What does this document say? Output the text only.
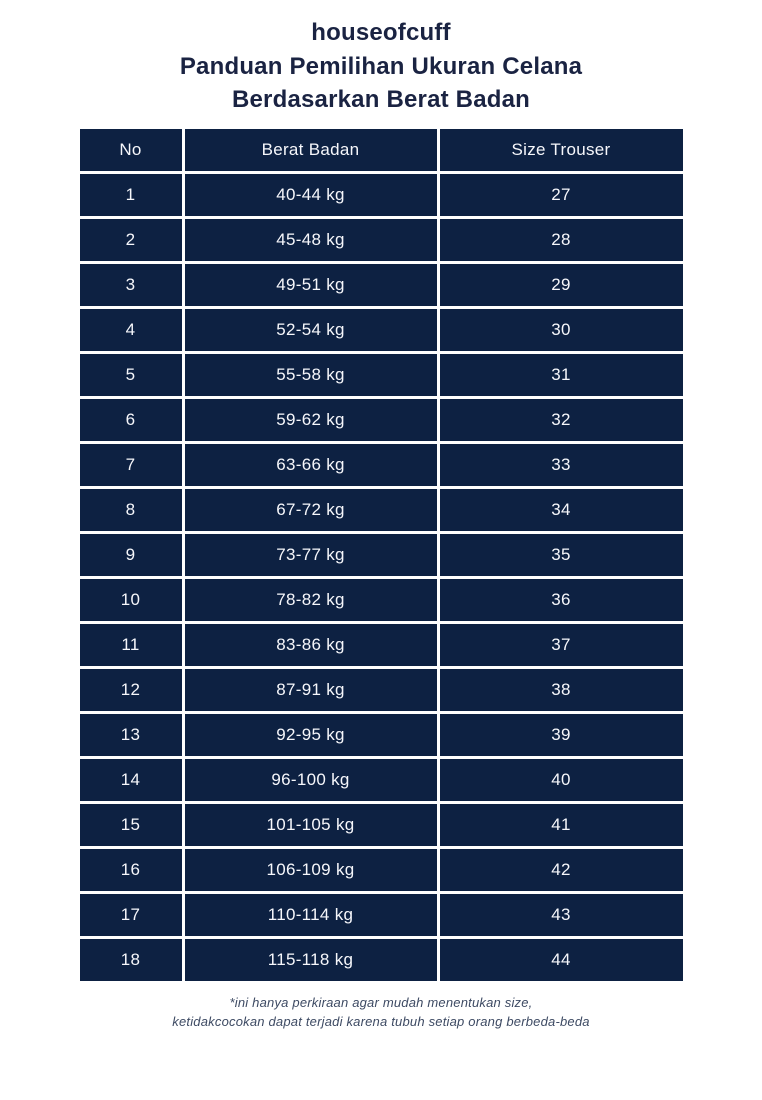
houseofcuff
Panduan Pemilihan Ukuran Celana
Berdasarkan Berat Badan
No	Berat Badan	Size Trouser
1	40-44 kg	27
2	45-48 kg	28
3	49-51 kg	29
4	52-54 kg	30
5	55-58 kg	31
6	59-62 kg	32
7	63-66 kg	33
8	67-72 kg	34
9	73-77 kg	35
10	78-82 kg	36
11	83-86 kg	37
12	87-91 kg	38
13	92-95 kg	39
14	96-100 kg	40
15	101-105 kg	41
16	106-109 kg	42
17	110-114 kg	43
18	115-118 kg	44
*ini hanya perkiraan agar mudah menentukan size,
ketidakcocokan dapat terjadi karena tubuh setiap orang berbeda-beda
